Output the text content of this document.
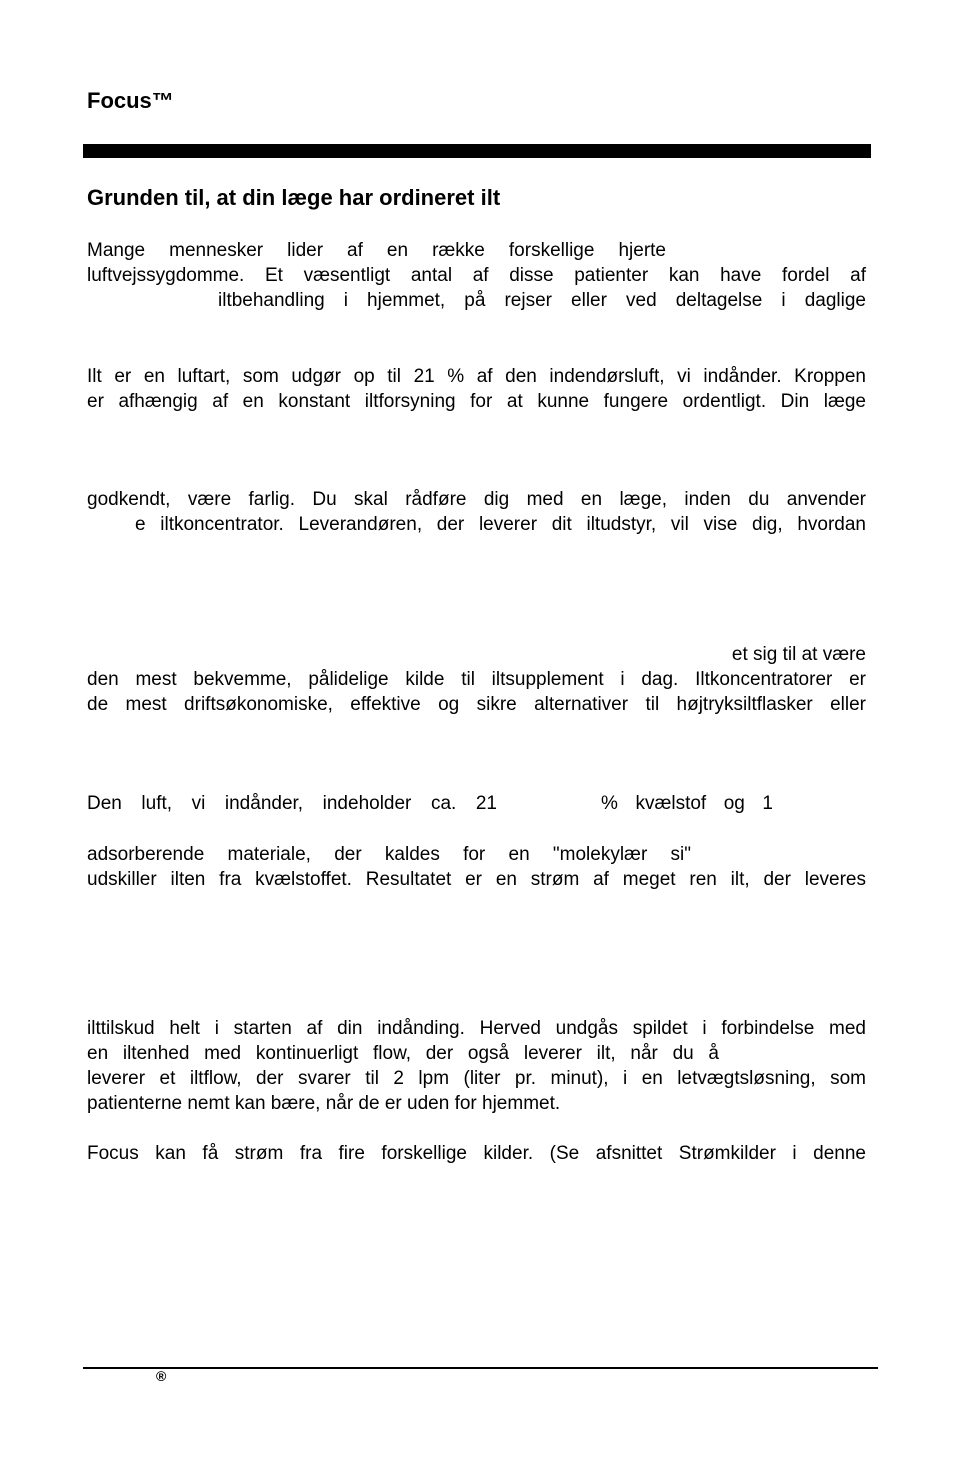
Focus™
Grunden til, at din læge har ordineret ilt
Mange mennesker lider af en række forskellige hjerte
luftvejssygdomme. Et væsentligt antal af disse patienter kan have fordel af
iltbehandling i hjemmet, på rejser eller ved deltagelse i daglige
Ilt er en luftart, som udgør op til 21 % af den indendørsluft, vi indånder. Kroppen
er afhængig af en konstant iltforsyning for at kunne fungere ordentligt. Din læge
godkendt, være farlig. Du skal rådføre dig med en læge, inden du anvender
e iltkoncentrator. Leverandøren, der leverer dit iltudstyr, vil vise dig, hvordan
et sig til at være
den mest bekvemme, pålidelige kilde til iltsupplement i dag. Iltkoncentratorer er
de mest driftsøkonomiske, effektive og sikre alternativer til højtryksiltflasker eller
Den luft, vi indånder, indeholder ca. 21	% kvælstof og 1
adsorberende materiale, der kaldes for en "molekylær si"
udskiller ilten fra kvælstoffet. Resultatet er en strøm af meget ren ilt, der leveres
ilttilskud helt i starten af din indånding. Herved undgås spildet i forbindelse med
en iltenhed med kontinuerligt flow, der også leverer ilt, når du å
leverer et iltflow, der svarer til 2 lpm (liter pr. minut), i en letvægtsløsning, som
patienterne nemt kan bære, når de er uden for hjemmet.
Focus kan få strøm fra fire forskellige kilder. (Se afsnittet Strømkilder i denne
®
